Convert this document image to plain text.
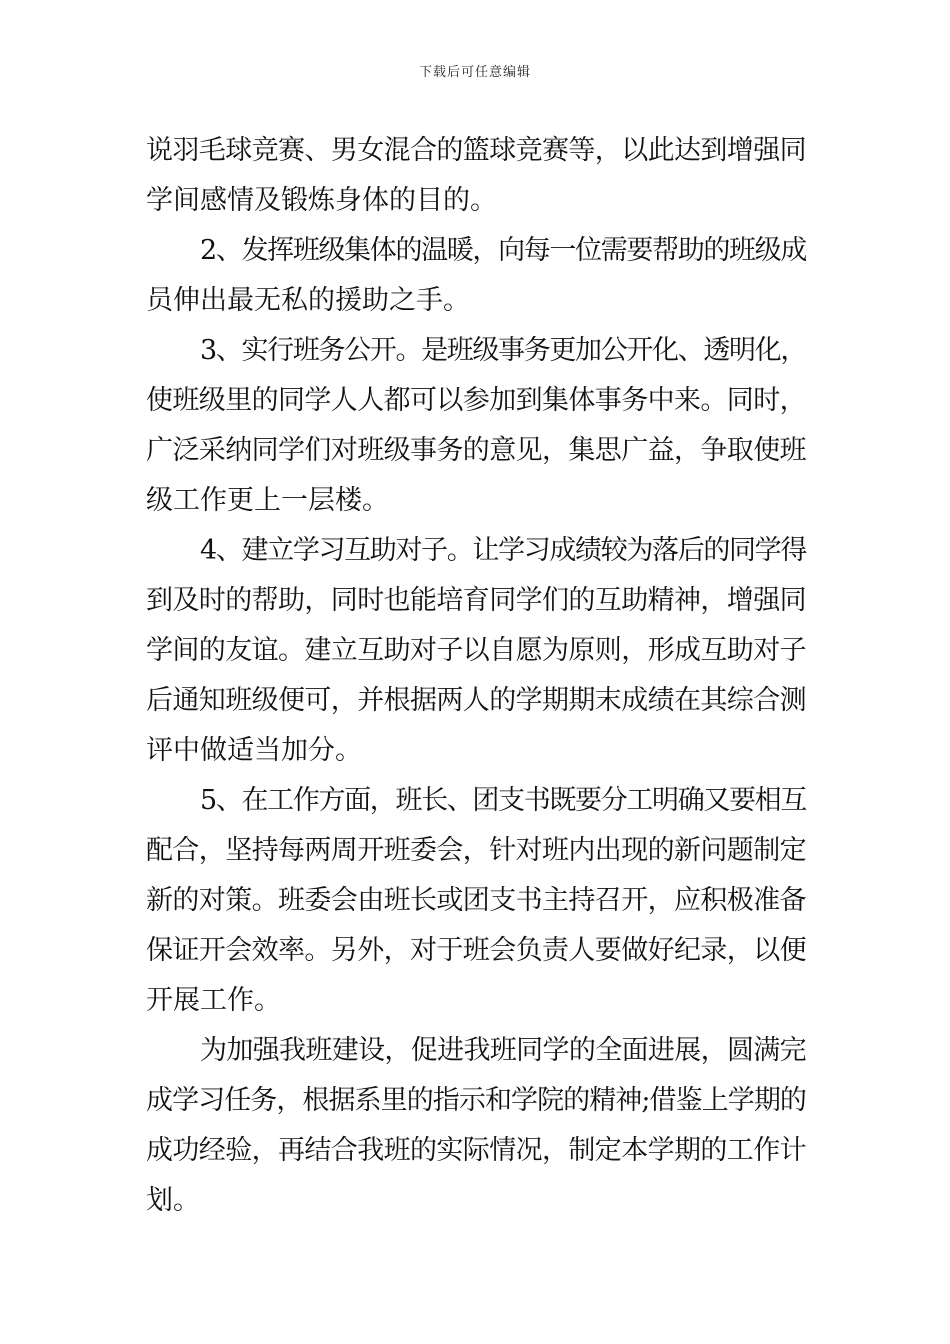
下载后可任意编辑
说羽毛球竞赛、男女混合的篮球竞赛等，以此达到增强同
学间感情及锻炼身体的目的。
2、发挥班级集体的温暖，向每一位需要帮助的班级成
员伸出最无私的援助之手。
3、实行班务公开。是班级事务更加公开化、透明化，
使班级里的同学人人都可以参加到集体事务中来。同时，
广泛采纳同学们对班级事务的意见，集思广益，争取使班
级工作更上一层楼。
4、建立学习互助对子。让学习成绩较为落后的同学得
到及时的帮助，同时也能培育同学们的互助精神，增强同
学间的友谊。建立互助对子以自愿为原则，形成互助对子
后通知班级便可，并根据两人的学期期末成绩在其综合测
评中做适当加分。
5、在工作方面，班长、团支书既要分工明确又要相互
配合，坚持每两周开班委会，针对班内出现的新问题制定
新的对策。班委会由班长或团支书主持召开，应积极准备
保证开会效率。另外，对于班会负责人要做好纪录，以便
开展工作。
为加强我班建设，促进我班同学的全面进展，圆满完
成学习任务，根据系里的指示和学院的精神;借鉴上学期的
成功经验，再结合我班的实际情况，制定本学期的工作计
划。
